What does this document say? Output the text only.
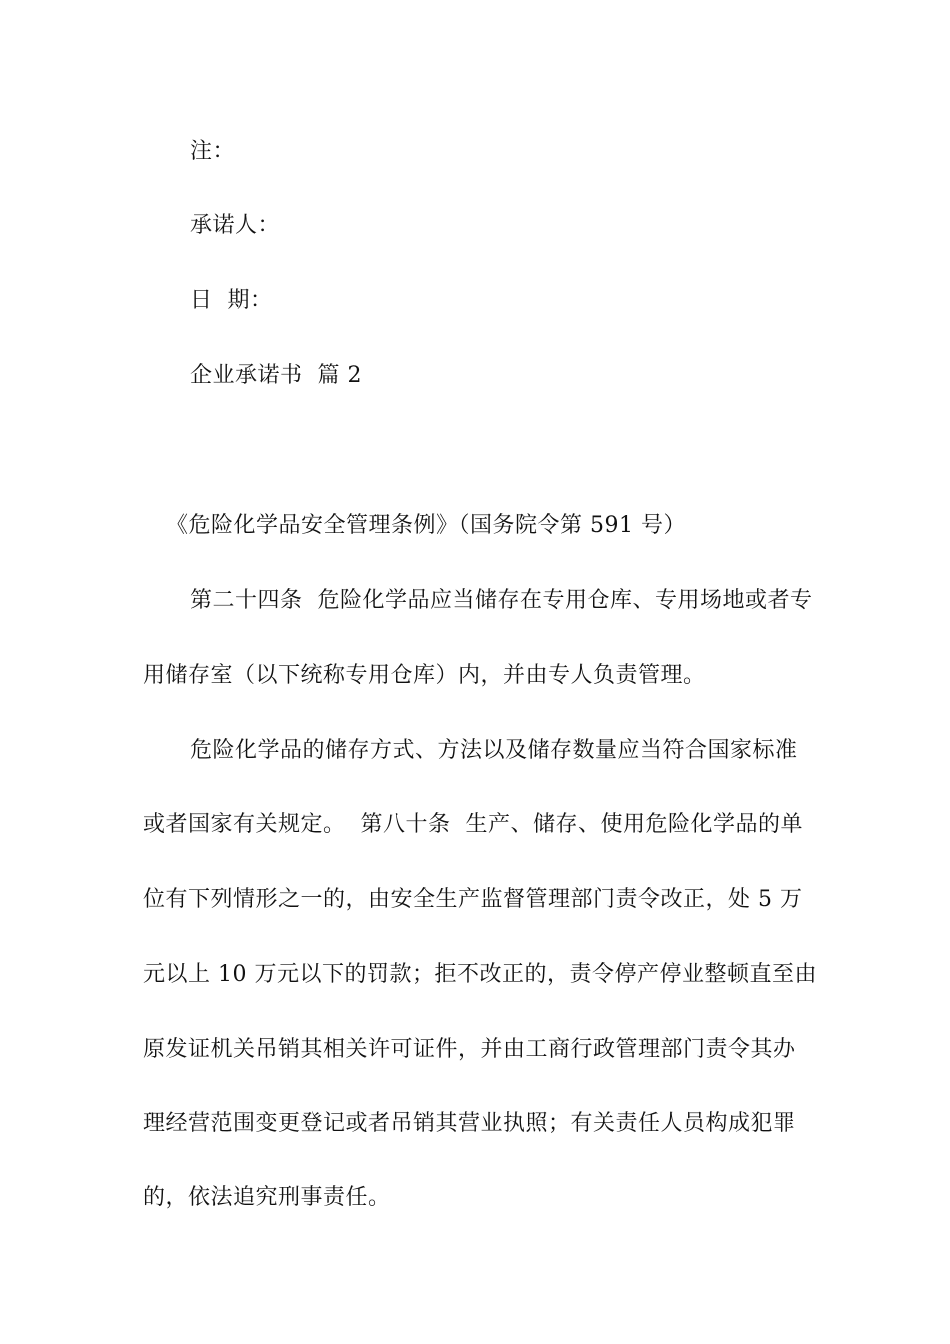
注：
承诺人：
日  期：
企业承诺书  篇 2
《危险化学品安全管理条例》（国务院令第 591 号）
第二十四条  危险化学品应当储存在专用仓库、专用场地或者专
用储存室（以下统称专用仓库）内，并由专人负责管理。
危险化学品的储存方式、方法以及储存数量应当符合国家标准
或者国家有关规定。  第八十条  生产、储存、使用危险化学品的单
位有下列情形之一的，由安全生产监督管理部门责令改正，处 5 万
元以上 10 万元以下的罚款；拒不改正的，责令停产停业整顿直至由
原发证机关吊销其相关许可证件，并由工商行政管理部门责令其办
理经营范围变更登记或者吊销其营业执照；有关责任人员构成犯罪
的，依法追究刑事责任。
